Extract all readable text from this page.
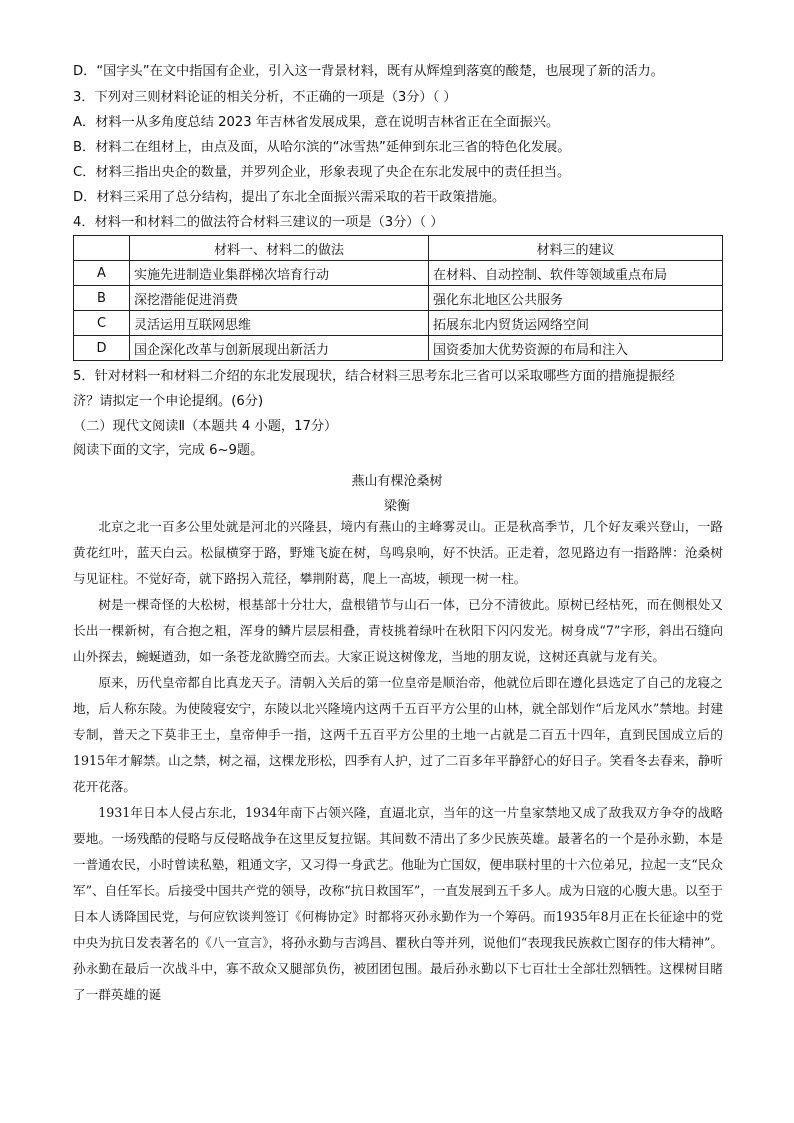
D．“国字头”在文中指国有企业，引入这一背景材料，既有从辉煌到落寞的酸楚，也展现了新的活力。
3．下列对三则材料论证的相关分析，不正确的一项是（3分）（ ）
A．材料一从多角度总结 2023 年吉林省发展成果，意在说明吉林省正在全面振兴。
B．材料二在组材上，由点及面，从哈尔滨的“冰雪热”延伸到东北三省的特色化发展。
C．材料三指出央企的数量，并罗列企业，形象表现了央企在东北发展中的责任担当。
D．材料三采用了总分结构，提出了东北全面振兴需采取的若干政策措施。
4．材料一和材料二的做法符合材料三建议的一项是（3分）（ ）
	材料一、材料二的做法	材料三的建议
A	实施先进制造业集群梯次培育行动	在材料、自动控制、软件等领域重点布局
B	深挖潜能促进消费	强化东北地区公共服务
C	灵活运用互联网思维	拓展东北内贸货运网络空间
D	国企深化改革与创新展现出新活力	国资委加大优势资源的布局和注入
5．针对材料一和材料二介绍的东北发展现状，结合材料三思考东北三省可以采取哪些方面的措施提振经
济？请拟定一个申论提纲。(6分)
（二）现代文阅读Ⅱ（本题共 4 小题，17分）
阅读下面的文字，完成 6~9题。
燕山有棵沧桑树
梁衡

北京之北一百多公里处就是河北的兴隆县，境内有燕山的主峰雾灵山。正是秋高季节，几个好友乘兴登山，一路黄花红叶，蓝天白云。松鼠横穿于路，野雉飞旋在树，鸟鸣泉响，好不快活。正走着，忽见路边有一指路牌：沧桑树与见证柱。不觉好奇，就下路拐入荒径，攀荆附葛，爬上一高坡，顿现一树一柱。

树是一棵奇怪的大松树，根基部十分壮大，盘根错节与山石一体，已分不清彼此。原树已经枯死，而在侧根处又长出一棵新树，有合抱之粗，浑身的鳞片层层相叠，青枝挑着绿叶在秋阳下闪闪发光。树身成“7”字形，斜出石缝向山外探去，蜿蜒遒劲，如一条苍龙欲腾空而去。大家正说这树像龙，当地的朋友说，这树还真就与龙有关。

原来，历代皇帝都自比真龙天子。清朝入关后的第一位皇帝是顺治帝，他就位后即在遵化县选定了自己的龙寝之地，后人称东陵。为使陵寝安宁，东陵以北兴隆境内这两千五百平方公里的山林，就全部划作“后龙风水”禁地。封建专制，普天之下莫非王土，皇帝伸手一指，这两千五百平方公里的土地一占就是二百五十四年，直到民国成立后的1915年才解禁。山之禁，树之福，这棵龙形松，四季有人护，过了二百多年平静舒心的好日子。笑看冬去春来，静听花开花落。

1931年日本人侵占东北，1934年南下占领兴隆，直逼北京，当年的这一片皇家禁地又成了敌我双方争夺的战略要地。一场残酷的侵略与反侵略战争在这里反复拉锯。其间数不清出了多少民族英雄。最著名的一个是孙永勤，本是一普通农民，小时曾读私塾，粗通文字，又习得一身武艺。他耻为亡国奴，便串联村里的十六位弟兄，拉起一支“民众军”、自任军长。后接受中国共产党的领导，改称“抗日救国军”，一直发展到五千多人。成为日寇的心腹大患。以至于日本人诱降国民党，与何应钦谈判签订《何梅协定》时都将灭孙永勤作为一个筹码。而1935年8月正在长征途中的党中央为抗日发表著名的《八一宣言》，将孙永勤与吉鸿昌、瞿秋白等并列，说他们“表现我民族救亡图存的伟大精神”。孙永勤在最后一次战斗中，寡不敌众又腿部负伤，被团团包围。最后孙永勤以下七百壮士全部壮烈牺牲。这棵树目睹了一群英雄的诞
